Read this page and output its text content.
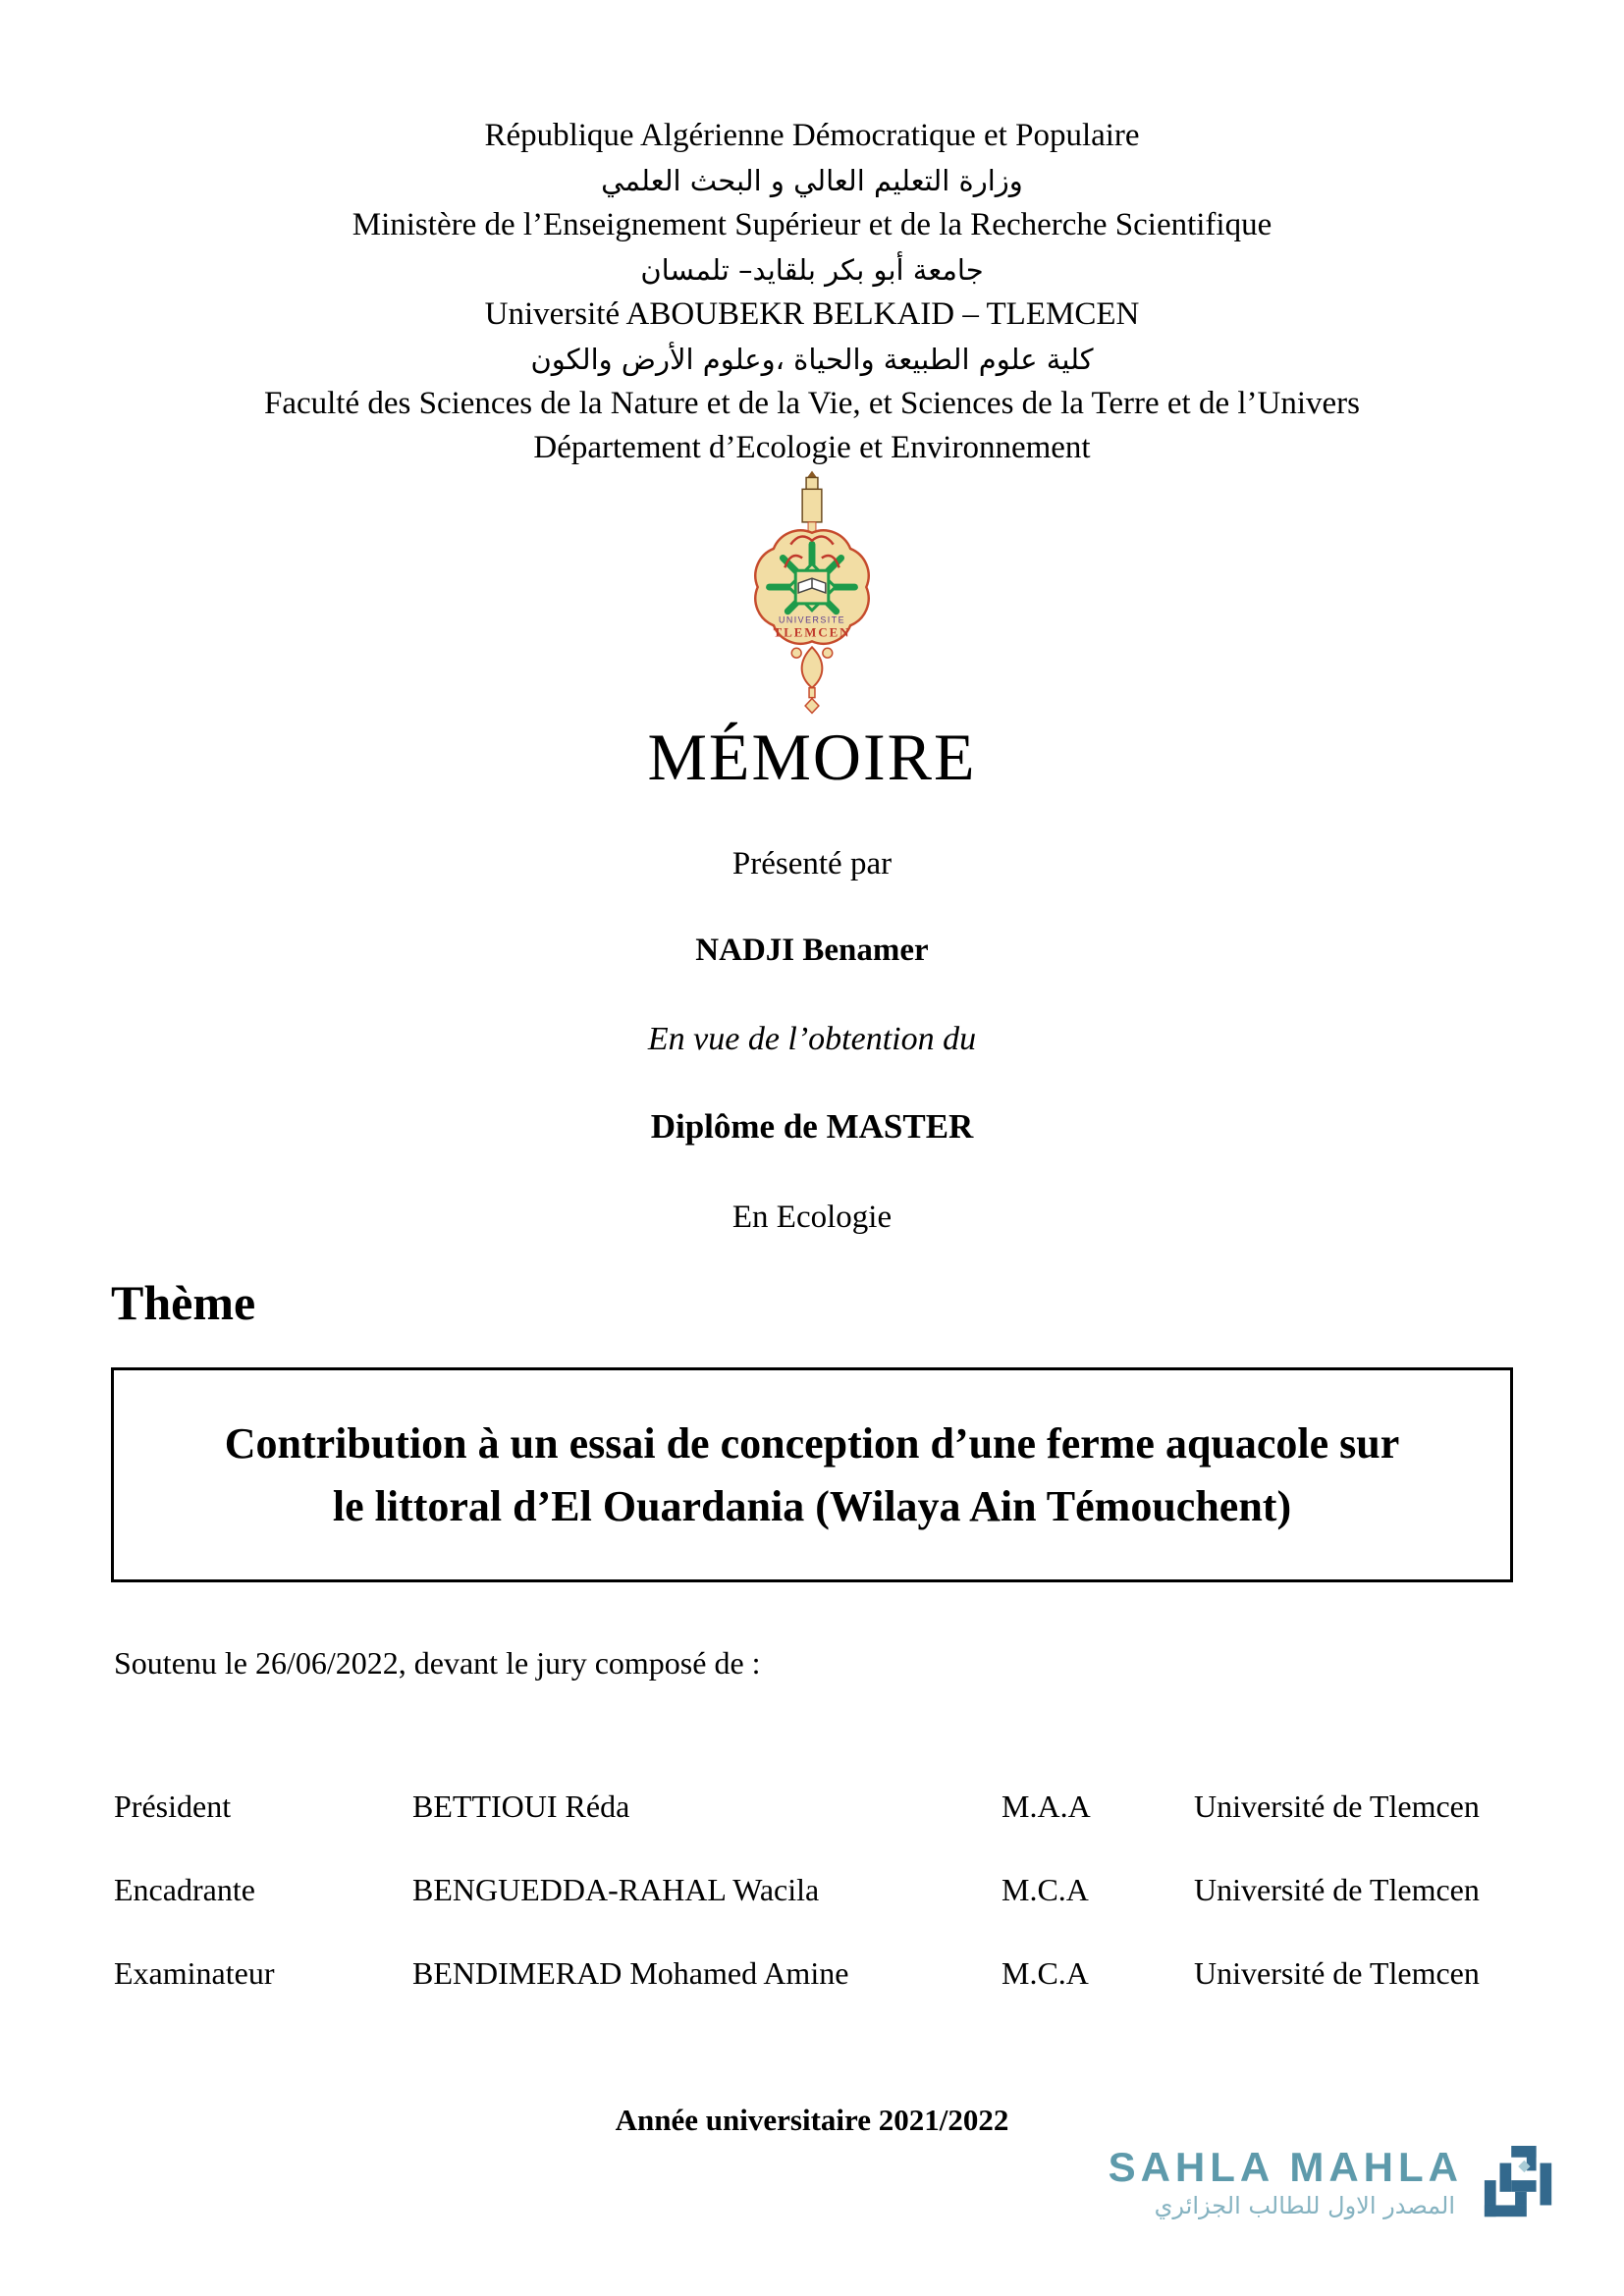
République Algérienne Démocratique et Populaire
وزارة التعليم العالي و البحث العلمي
Ministère de l’Enseignement Supérieur et de la Recherche Scientifique
جامعة أبو بكر بلقايد– تلمسان
Université ABOUBEKR BELKAID – TLEMCEN
كلية علوم الطبيعة والحياة ،وعلوم الأرض والكون
Faculté des Sciences de la Nature et de la Vie, et Sciences de la Terre et de l’Univers
Département d’Ecologie et Environnement
UNIVERSITE
TLEMCEN
MÉMOIRE
Présenté par
NADJI Benamer
En vue de l’obtention du
Diplôme de MASTER
En Ecologie
Thème
Contribution à un essai de conception d’une ferme aquacole sur
le littoral d’El Ouardania (Wilaya Ain Témouchent)
Soutenu le 26/06/2022, devant le jury composé de :
Président	BETTIOUI Réda	M.A.A	Université de Tlemcen
Encadrante	BENGUEDDA-RAHAL Wacila	M.C.A	Université de Tlemcen
Examinateur	BENDIMERAD Mohamed Amine	M.C.A	Université de Tlemcen
Année universitaire 2021/2022
SAHLA MAHLA
المصدر الاول للطالب الجزائري
